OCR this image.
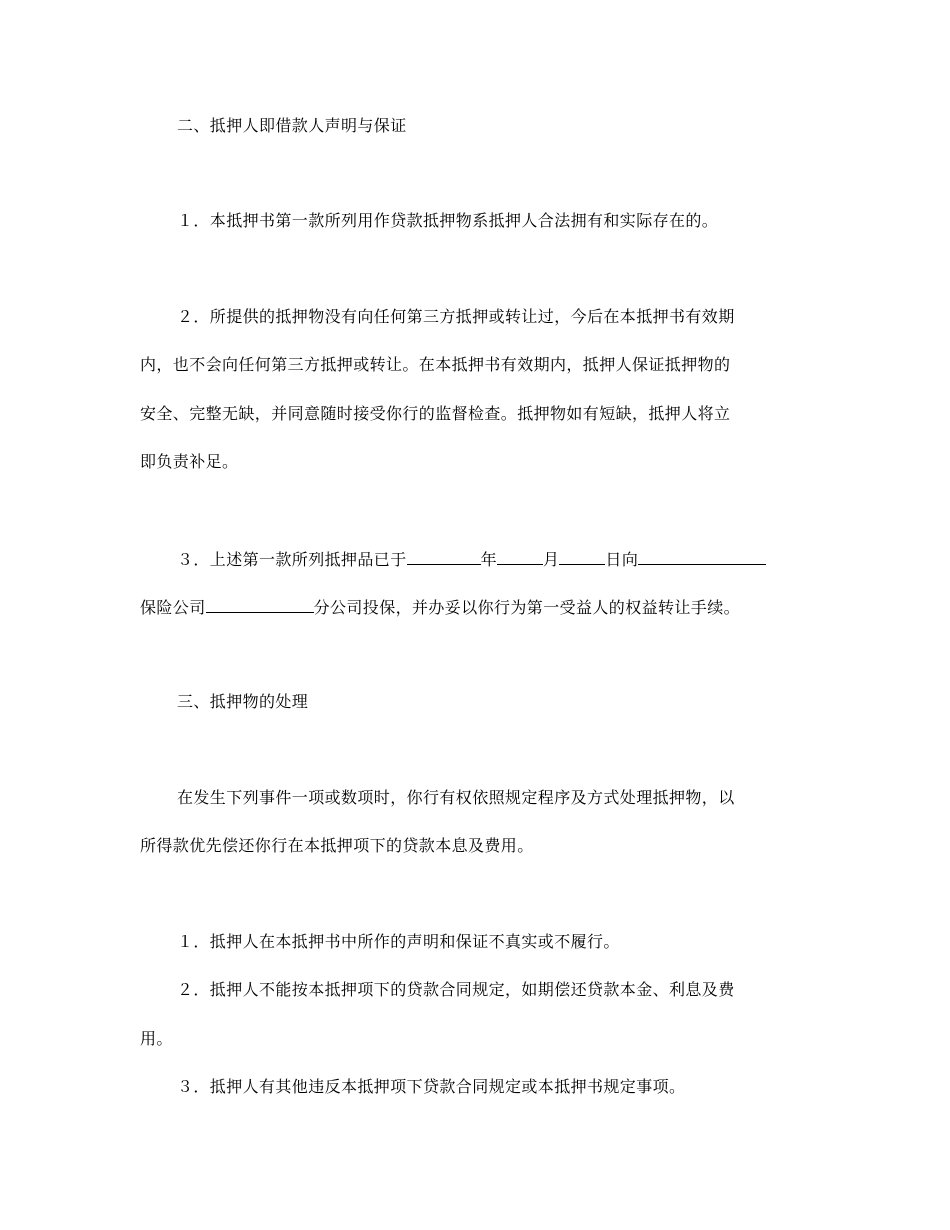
二、抵押人即借款人声明与保证
１．本抵押书第一款所列用作贷款抵押物系抵押人合法拥有和实际存在的。
２．所提供的抵押物没有向任何第三方抵押或转让过，今后在本抵押书有效期
内，也不会向任何第三方抵押或转让。在本抵押书有效期内，抵押人保证抵押物的
安全、完整无缺，并同意随时接受你行的监督检查。抵押物如有短缺，抵押人将立
即负责补足。
３．上述第一款所列抵押品已于	年	月	日向
保险公司	分公司投保，并办妥以你行为第一受益人的权益转让手续。
三、抵押物的处理
在发生下列事件一项或数项时，你行有权依照规定程序及方式处理抵押物，以
所得款优先偿还你行在本抵押项下的贷款本息及费用。
１．抵押人在本抵押书中所作的声明和保证不真实或不履行。
２．抵押人不能按本抵押项下的贷款合同规定，如期偿还贷款本金、利息及费
用。
３．抵押人有其他违反本抵押项下贷款合同规定或本抵押书规定事项。
